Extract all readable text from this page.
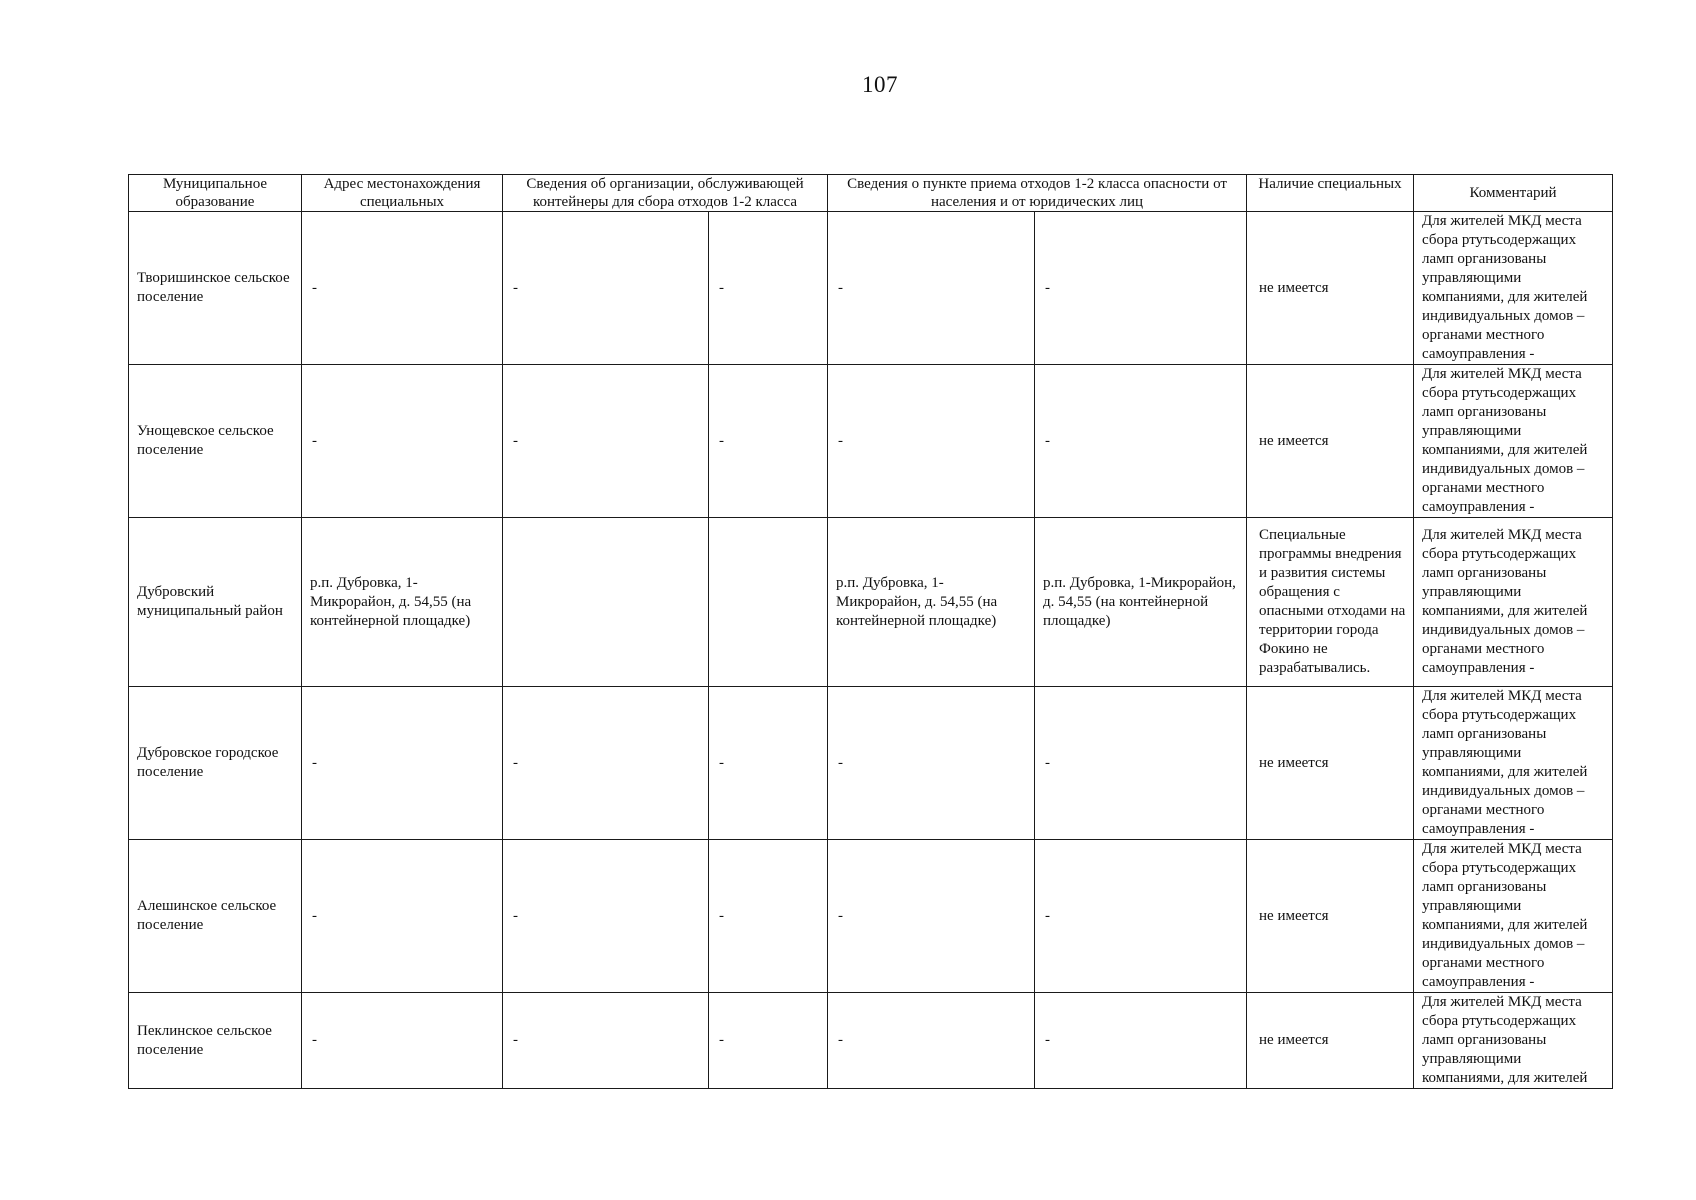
107
Муниципальное образование	Адрес местонахождения специальных	Сведения об организации, обслуживающей контейнеры для сбора отходов 1-2 класса		Сведения о пункте приема отходов 1-2 класса опасности от населения и от юридических лиц		Наличие специальных	Комментарий
Творишинское сельское поселение	-	-	-	-	-	не имеется	Для жителей МКД места сбора ртутьсодержащих ламп организованы управляющими компаниями, для жителей индивидуальных домов – органами местного самоуправления -
Унощевское сельское поселение	-	-	-	-	-	не имеется	Для жителей МКД места сбора ртутьсодержащих ламп организованы управляющими компаниями, для жителей индивидуальных домов – органами местного самоуправления -
Дубровский муниципальный район	р.п. Дубровка, 1-Микрорайон, д. 54,55 (на контейнерной площадке)			р.п. Дубровка, 1-Микрорайон, д. 54,55 (на контейнерной площадке)	р.п. Дубровка, 1-Микрорайон, д. 54,55 (на контейнерной площадке)	Специальные программы внедрения и развития системы обращения с опасными отходами на территории города Фокино не разрабатывались.	Для жителей МКД места сбора ртутьсодержащих ламп организованы управляющими компаниями, для жителей индивидуальных домов – органами местного самоуправления -
Дубровское городское поселение	-	-	-	-	-	не имеется	Для жителей МКД места сбора ртутьсодержащих ламп организованы управляющими компаниями, для жителей индивидуальных домов – органами местного самоуправления -
Алешинское сельское поселение	-	-	-	-	-	не имеется	Для жителей МКД места сбора ртутьсодержащих ламп организованы управляющими компаниями, для жителей индивидуальных домов – органами местного самоуправления -
Пеклинское сельское поселение	-	-	-	-	-	не имеется	Для жителей МКД места сбора ртутьсодержащих ламп организованы управляющими компаниями, для жителей
